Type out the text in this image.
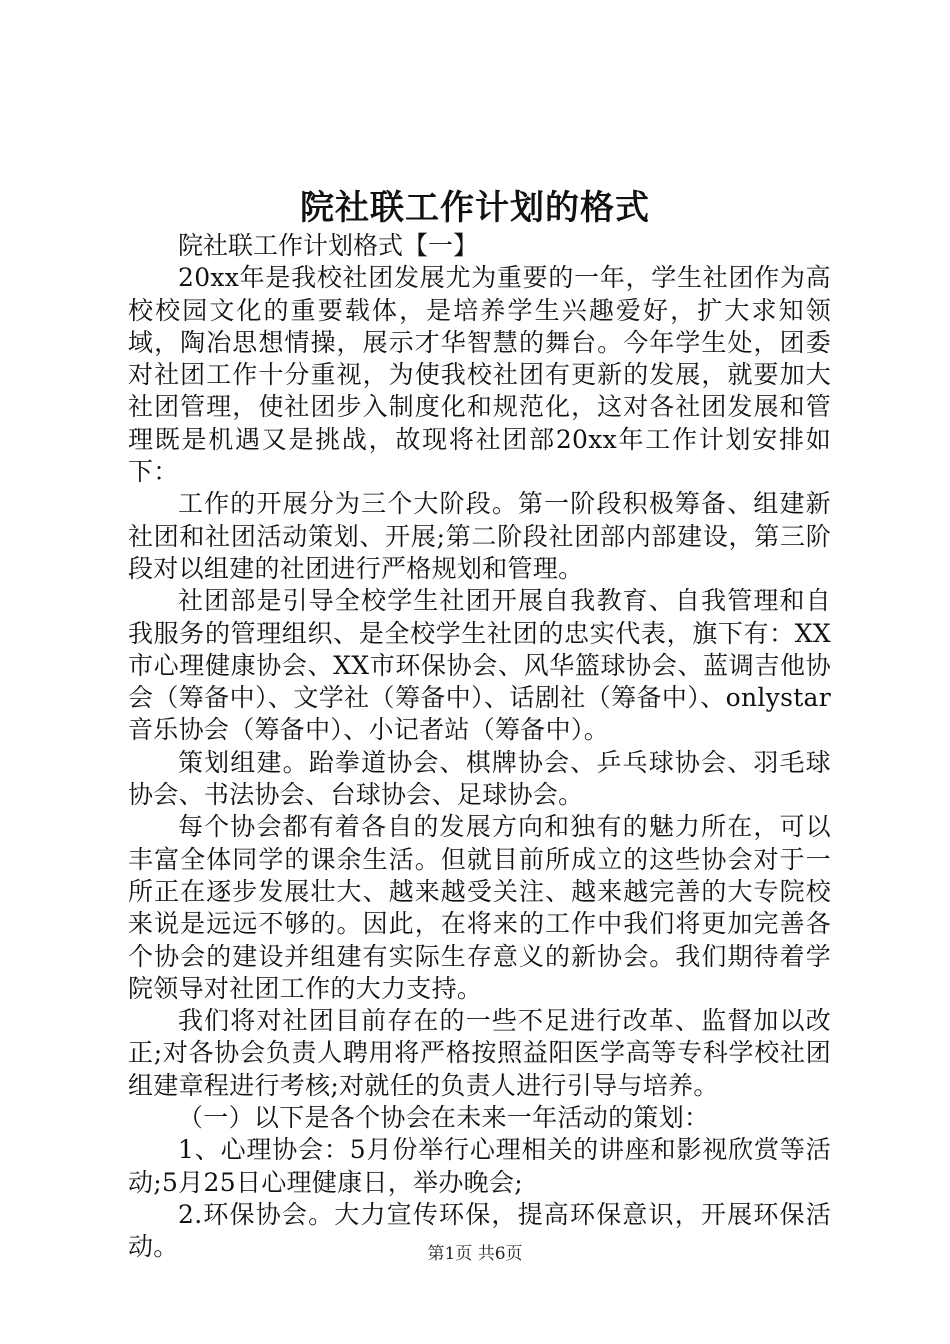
院社联工作计划的格式

院社联工作计划格式【一】

20xx年是我校社团发展尤为重要的一年，学生社团作为高校校园文化的重要载体，是培养学生兴趣爱好，扩大求知领域，陶冶思想情操，展示才华智慧的舞台。今年学生处，团委对社团工作十分重视，为使我校社团有更新的发展，就要加大社团管理，使社团步入制度化和规范化，这对各社团发展和管理既是机遇又是挑战，故现将社团部20xx年工作计划安排如下：

工作的开展分为三个大阶段。第一阶段积极筹备、组建新社团和社团活动策划、开展;第二阶段社团部内部建设，第三阶段对以组建的社团进行严格规划和管理。

社团部是引导全校学生社团开展自我教育、自我管理和自我服务的管理组织、是全校学生社团的忠实代表，旗下有：XX市心理健康协会、XX市环保协会、风华篮球协会、蓝调吉他协会（筹备中）、文学社（筹备中）、话剧社（筹备中）、onlystar音乐协会（筹备中）、小记者站（筹备中）。

策划组建。跆拳道协会、棋牌协会、乒乓球协会、羽毛球协会、书法协会、台球协会、足球协会。

每个协会都有着各自的发展方向和独有的魅力所在，可以丰富全体同学的课余生活。但就目前所成立的这些协会对于一所正在逐步发展壮大、越来越受关注、越来越完善的大专院校来说是远远不够的。因此，在将来的工作中我们将更加完善各个协会的建设并组建有实际生存意义的新协会。我们期待着学院领导对社团工作的大力支持。

我们将对社团目前存在的一些不足进行改革、监督加以改正;对各协会负责人聘用将严格按照益阳医学高等专科学校社团组建章程进行考核;对就任的负责人进行引导与培养。

（一）以下是各个协会在未来一年活动的策划：

1、心理协会：5月份举行心理相关的讲座和影视欣赏等活动;5月25日心理健康日，举办晚会;

2.环保协会。大力宣传环保，提高环保意识，开展环保活动。	第1页 共6页
